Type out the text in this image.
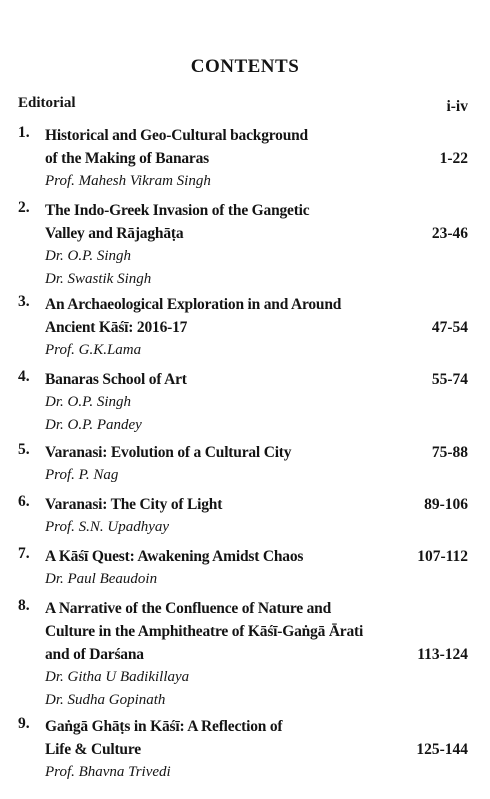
CONTENTS
Editorial	i-iv
1. Historical and Geo-Cultural background
of the Making of Banaras
Prof. Mahesh Vikram Singh
1-22
2. The Indo-Greek Invasion of the Gangetic
Valley and Rājaghāṭa
Dr. O.P. Singh
Dr. Swastik Singh
23-46
3. An Archaeological Exploration in and Around
Ancient Kāśī: 2016-17
Prof. G.K.Lama
47-54
4. Banaras School of Art
Dr. O.P. Singh
Dr. O.P. Pandey
55-74
5. Varanasi: Evolution of a Cultural City
Prof. P. Nag
75-88
6. Varanasi: The City of Light
Prof. S.N. Upadhyay
89-106
7. A Kāśī Quest: Awakening Amidst Chaos
Dr. Paul Beaudoin
107-112
8. A Narrative of the Confluence of Nature and
Culture in the Amphitheatre of Kāśī-Gaṅgā Ārati
and of Darśana
Dr. Githa U Badikillaya
Dr. Sudha Gopinath
113-124
9. Gaṅgā Ghāṭs in Kāśī: A Reflection of
Life & Culture
Prof. Bhavna Trivedi
125-144
